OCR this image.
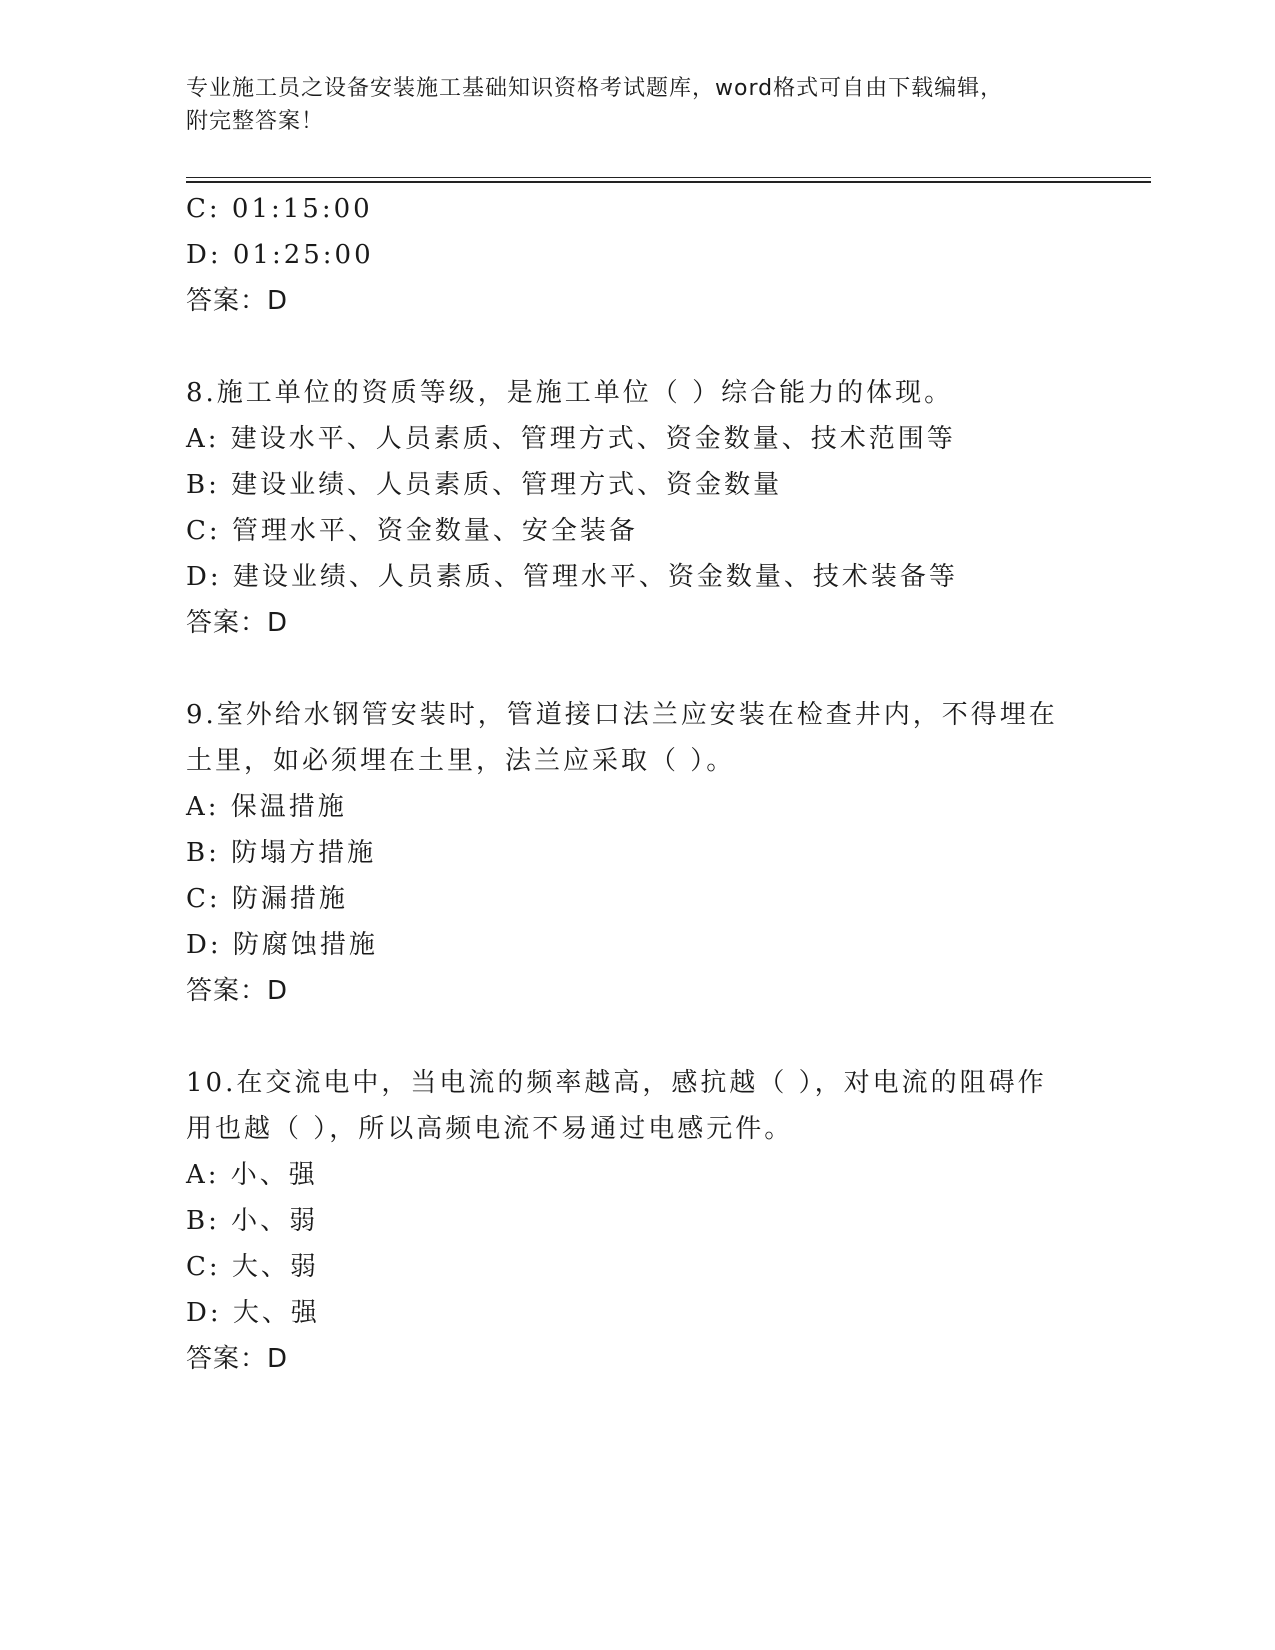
专业施工员之设备安装施工基础知识资格考试题库，word格式可自由下载编辑，
附完整答案！
C: 01:15:00
D: 01:25:00
答案：D
8.施工单位的资质等级，是施工单位（ ）综合能力的体现。
A: 建设水平、人员素质、管理方式、资金数量、技术范围等
B: 建设业绩、人员素质、管理方式、资金数量
C: 管理水平、资金数量、安全装备
D: 建设业绩、人员素质、管理水平、资金数量、技术装备等
答案：D
9.室外给水钢管安装时，管道接口法兰应安装在检查井内，不得埋在
土里，如必须埋在土里，法兰应采取（ ）。
A: 保温措施
B: 防塌方措施
C: 防漏措施
D: 防腐蚀措施
答案：D
10.在交流电中，当电流的频率越高，感抗越（ ），对电流的阻碍作
用也越（ ），所以高频电流不易通过电感元件。
A: 小、强
B: 小、弱
C: 大、弱
D: 大、强
答案：D
